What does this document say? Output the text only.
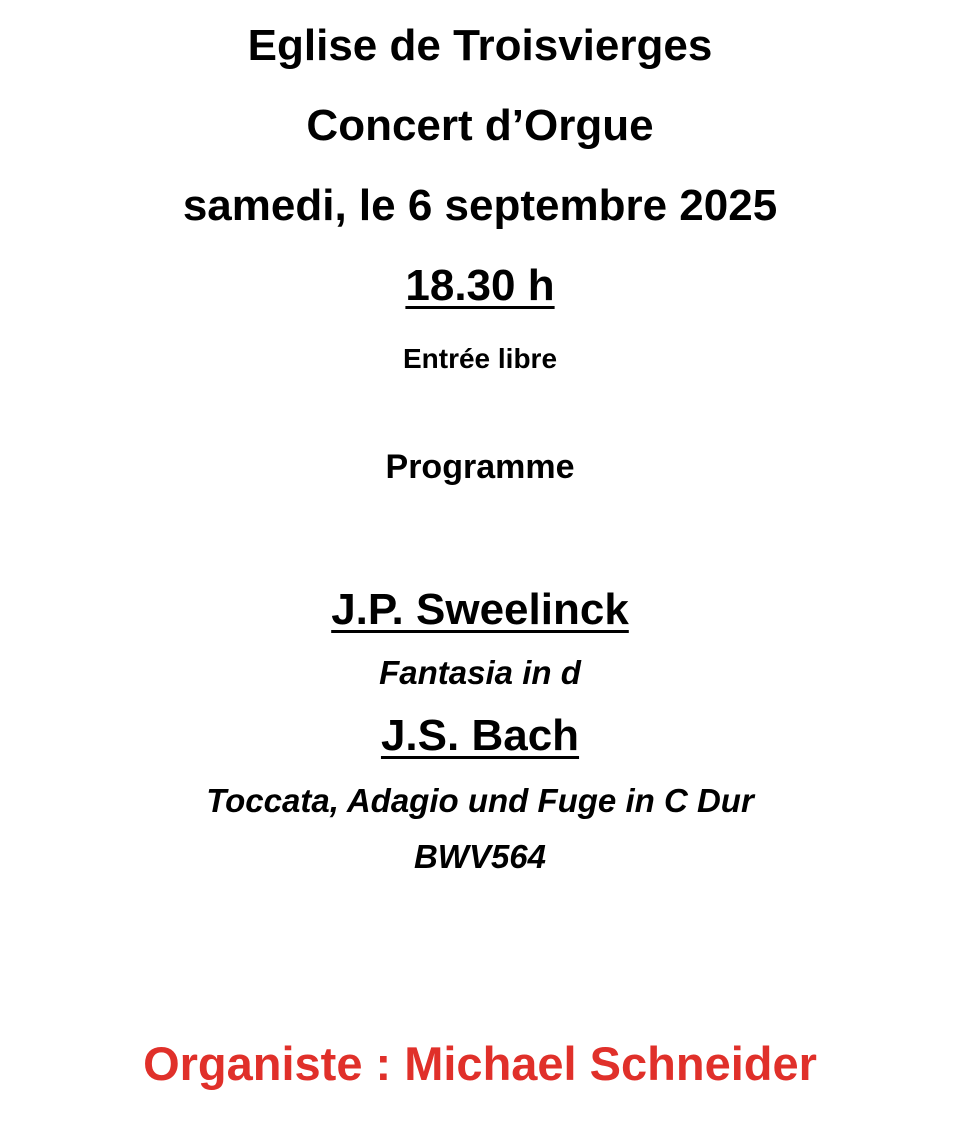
Eglise de Troisvierges
Concert d’Orgue
samedi, le 6 septembre 2025
18.30 h
Entrée libre
Programme
J.P. Sweelinck
Fantasia in d
J.S. Bach
Toccata, Adagio und Fuge in C Dur
BWV564
Organiste : Michael Schneider
